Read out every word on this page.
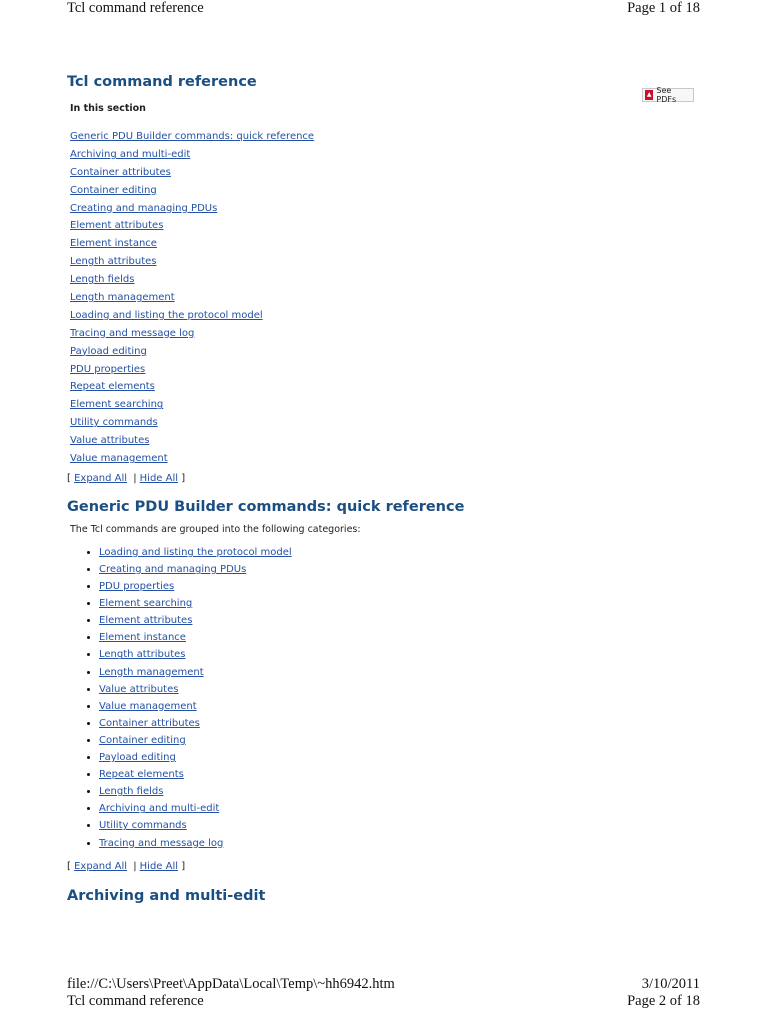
Tcl command reference	Page 1 of 18
Tcl command reference
▲ See PDFs
In this section
Generic PDU Builder commands: quick reference
Archiving and multi-edit
Container attributes
Container editing
Creating and managing PDUs
Element attributes
Element instance
Length attributes
Length fields
Length management
Loading and listing the protocol model
Tracing and message log
Payload editing
PDU properties
Repeat elements
Element searching
Utility commands
Value attributes
Value management
[ Expand All | Hide All ]
Generic PDU Builder commands: quick reference
The Tcl commands are grouped into the following categories:
• Loading and listing the protocol model
• Creating and managing PDUs
• PDU properties
• Element searching
• Element attributes
• Element instance
• Length attributes
• Length management
• Value attributes
• Value management
• Container attributes
• Container editing
• Payload editing
• Repeat elements
• Length fields
• Archiving and multi-edit
• Utility commands
• Tracing and message log
[ Expand All | Hide All ]
Archiving and multi-edit
file://C:\Users\Preet\AppData\Local\Temp\~hh6942.htm	3/10/2011
Tcl command reference	Page 2 of 18
